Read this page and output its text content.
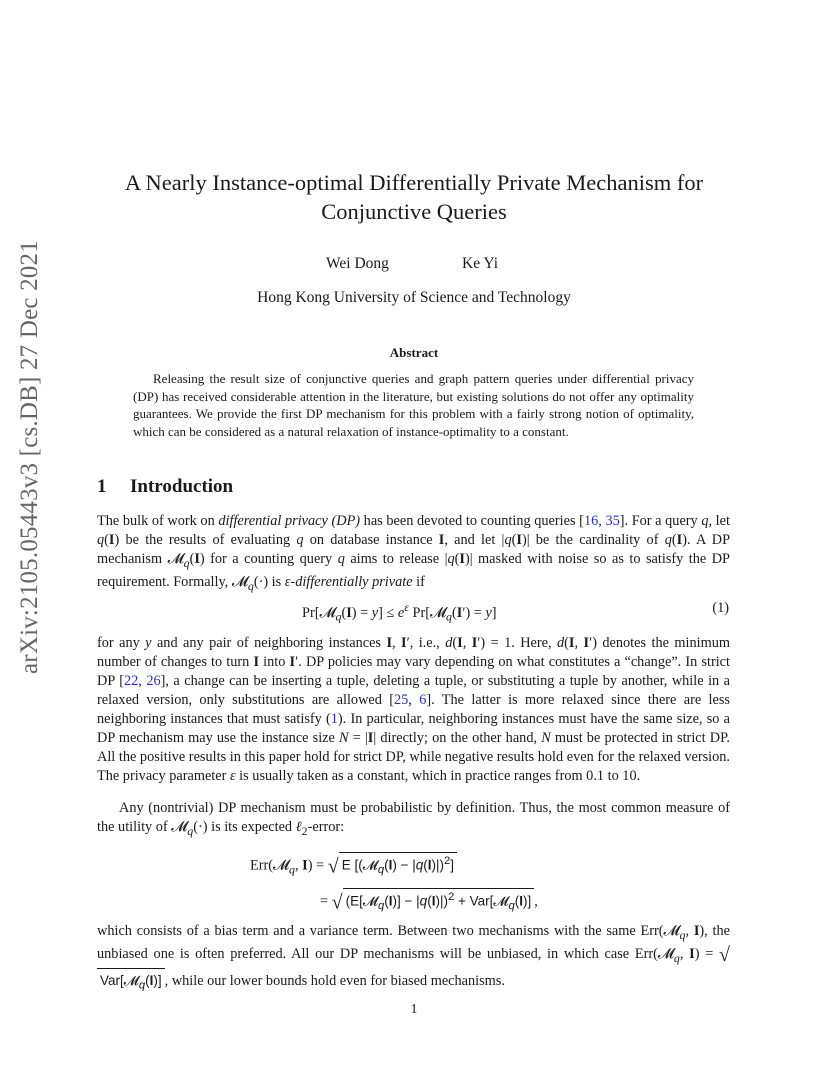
arXiv:2105.05443v3 [cs.DB] 27 Dec 2021
A Nearly Instance-optimal Differentially Private Mechanism for
Conjunctive Queries
Wei Dong	Ke Yi
Hong Kong University of Science and Technology
Abstract
Releasing the result size of conjunctive queries and graph pattern queries under differential privacy (DP) has received considerable attention in the literature, but existing solutions do not offer any optimality guarantees. We provide the first DP mechanism for this problem with a fairly strong notion of optimality, which can be considered as a natural relaxation of instance-optimality to a constant.
1 Introduction
The bulk of work on differential privacy (DP) has been devoted to counting queries [16, 35]. For a query q, let q(I) be the results of evaluating q on database instance I, and let |q(I)| be the cardinality of q(I). A DP mechanism 𝓜$_q$(I) for a counting query q aims to release |q(I)| masked with noise so as to satisfy the DP requirement. Formally, 𝓜$_q$(·) is ε-differentially private if
Pr[𝓜$_q$(I) = $y] \le e^\varepsilon$ Pr[𝓜$_q$(I′) = y]	(1)
for any y and any pair of neighboring instances I, I′, i.e., d(I, I′) = 1. Here, d(I, I′) denotes the minimum number of changes to turn I into I′. DP policies may vary depending on what constitutes a “change”. In strict DP [22, 26], a change can be inserting a tuple, deleting a tuple, or substituting a tuple by another, while in a relaxed version, only substitutions are allowed [25, 6]. The latter is more relaxed since there are less neighboring instances that must satisfy (1). In particular, neighboring instances must have the same size, so a DP mechanism may use the instance size N = |I| directly; on the other hand, N must be protected in strict DP. All the positive results in this paper hold for strict DP, while negative results hold even for the relaxed version. The privacy parameter ε is usually taken as a constant, which in practice ranges from 0.1 to 10.
Any (nontrivial) DP mechanism must be probabilistic by definition. Thus, the most common measure of the utility of 𝓜$_q$(·) is its expected ℓ$_2$-error:
Err(𝓜$_q$, I) = √ E [(𝓜$_q$(I) − |q(I)|)$^2$]
= √ (E[𝓜$_q$(I)] − |q(I)|)$^2$ + Var[𝓜$_q$(I)] ,
which consists of a bias term and a variance term. Between two mechanisms with the same Err(𝓜$_q$, I), the unbiased one is often preferred. All our DP mechanisms will be unbiased, in which case Err(𝓜$_q$, I) = √Var[𝓜$_q$(I)] , while our lower bounds hold even for biased mechanisms.
1
